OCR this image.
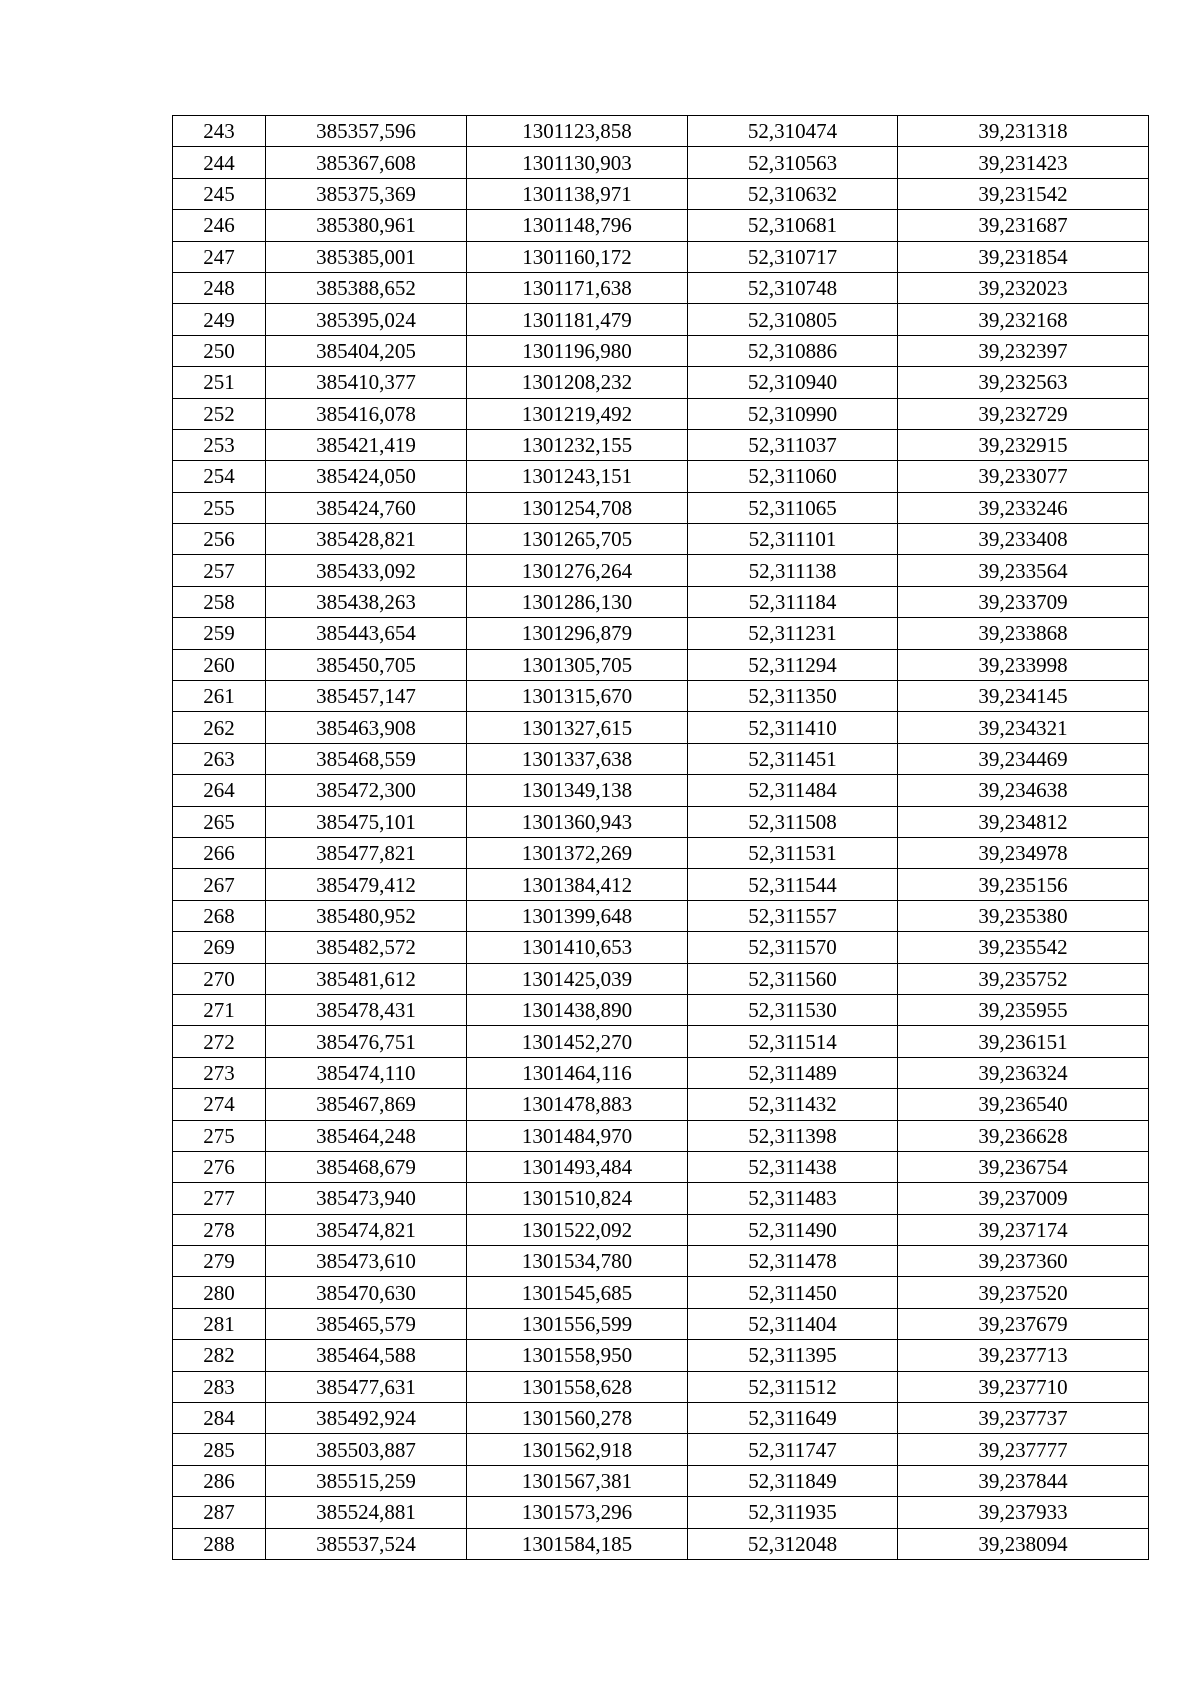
243	385357,596	1301123,858	52,310474	39,231318
244	385367,608	1301130,903	52,310563	39,231423
245	385375,369	1301138,971	52,310632	39,231542
246	385380,961	1301148,796	52,310681	39,231687
247	385385,001	1301160,172	52,310717	39,231854
248	385388,652	1301171,638	52,310748	39,232023
249	385395,024	1301181,479	52,310805	39,232168
250	385404,205	1301196,980	52,310886	39,232397
251	385410,377	1301208,232	52,310940	39,232563
252	385416,078	1301219,492	52,310990	39,232729
253	385421,419	1301232,155	52,311037	39,232915
254	385424,050	1301243,151	52,311060	39,233077
255	385424,760	1301254,708	52,311065	39,233246
256	385428,821	1301265,705	52,311101	39,233408
257	385433,092	1301276,264	52,311138	39,233564
258	385438,263	1301286,130	52,311184	39,233709
259	385443,654	1301296,879	52,311231	39,233868
260	385450,705	1301305,705	52,311294	39,233998
261	385457,147	1301315,670	52,311350	39,234145
262	385463,908	1301327,615	52,311410	39,234321
263	385468,559	1301337,638	52,311451	39,234469
264	385472,300	1301349,138	52,311484	39,234638
265	385475,101	1301360,943	52,311508	39,234812
266	385477,821	1301372,269	52,311531	39,234978
267	385479,412	1301384,412	52,311544	39,235156
268	385480,952	1301399,648	52,311557	39,235380
269	385482,572	1301410,653	52,311570	39,235542
270	385481,612	1301425,039	52,311560	39,235752
271	385478,431	1301438,890	52,311530	39,235955
272	385476,751	1301452,270	52,311514	39,236151
273	385474,110	1301464,116	52,311489	39,236324
274	385467,869	1301478,883	52,311432	39,236540
275	385464,248	1301484,970	52,311398	39,236628
276	385468,679	1301493,484	52,311438	39,236754
277	385473,940	1301510,824	52,311483	39,237009
278	385474,821	1301522,092	52,311490	39,237174
279	385473,610	1301534,780	52,311478	39,237360
280	385470,630	1301545,685	52,311450	39,237520
281	385465,579	1301556,599	52,311404	39,237679
282	385464,588	1301558,950	52,311395	39,237713
283	385477,631	1301558,628	52,311512	39,237710
284	385492,924	1301560,278	52,311649	39,237737
285	385503,887	1301562,918	52,311747	39,237777
286	385515,259	1301567,381	52,311849	39,237844
287	385524,881	1301573,296	52,311935	39,237933
288	385537,524	1301584,185	52,312048	39,238094
